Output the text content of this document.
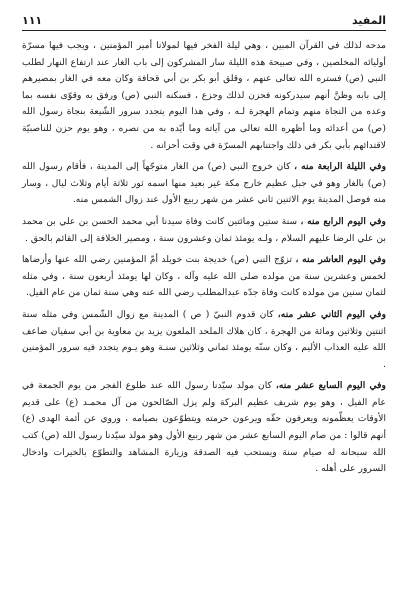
١١١	المفيد

مدحه لذلك في القرآن المبين ، وهي ليلة الفخر فيها لمولانا أمير المؤمنين ، ويجب فيها مسرّة أوليائه المخلصين ، وفي صبيحة هذه الليلة سار المشركون إلى باب الغار عند ارتفاع النهار لطلب النبي (ص) فستره الله تعالى عنهم ، وقلق أبو بكر بن أبي قحافة وكان معه في الغار بمصيرهم إلى بابه وظنَّ أنهم سيدركونه فحزن لذلك وجزع ، فسكنه النبي (ص) ورفق به وقوّى نفسه بما وعده من النجاة منهم وتمام الهجرة لـه ، وفي هذا اليوم يتجدد سرور الشّيعة بنجاة رسول الله (ص) من أعدائه وما أظهره الله تعالى من آياته وما أيّده به من نصره ، وهو يوم حزن للناصبيّة لاقتدائهم بأبي بكر في ذلك واجتنابهم المسرّة في وقت أحزانه .

وفي الليلة الرابعة منه ، كان خروج النبي (ص) من الغار متوجّهاً إلى المدينة ، فأقام رسول الله (ص) بالغار وهو في جبل عظيم خارج مكة غير بعيد منها اسمه ثور ثلاثة أيام وثلاث ليال ، وسار منه فوصل المدينة يوم الاثنين ثاني عشر من شهر ربيع الأول عند زوال الشمس منه.

وفي اليوم الرابع منه ، سنة ستين ومائتين كانت وفاة سيدنا أبي محمد الحسن بن علي بن محمد بن علي الرضا عليهم السلام ، ولـه يومئذ ثمان وعشرون سنة ، ومصير الخلافة إلى القائم بالحق .

وفي اليوم العاشر منه ، تزوّج النبي (ص) خديجة بنت خويلد أمّ المؤمنين رضي الله عنها وأرضاها لخمس وعشرين سنة من مولده صلى الله عليه وآله ، وكان لها يومئذ أربعون سنة ، وفي مثله لثمان سنين من مولده كانت وفاة جدّه عبدالمطلب رضي الله عنه وهي سنة ثمان من عام الفيل.

وفي اليوم الثاني عشر منه، كان قدوم النبيّ ( ص ) المدينة مع زوال الشّمس وفي مثله سنة اثنتين وثلاثين ومائة من الهجرة ، كان هلاك الملحد الملعون يزيد بن معاوية بن أبي سفيان ضاعف الله عليه العذاب الأليم ، وكان سنّه يومئذ ثماني وثلاثين سنـة وهو يـوم يتجدد فيه سرور المؤمنين .

وفي اليوم السابع عشر منه، كان مولد سيّدنا رسول الله عند طلوع الفجر من يوم الجمعة في عام الفيل ، وهو يوم شريف عظيم البركة ولم يزل الصّالحون من آل محمـد (ع) على قديم الأوقات يعظّمونه ويعرفون حقّه ويرعون حرمته ويتطوّعون بصيامه ، وروي عن أئمة الهدى (ع) أنهم قالوا : من صام اليوم السابع عشر من شهر ربيع الأول وهو مولد سيّدنا رسول الله (ص) كتب الله سبحانه له صيام سنة ويستحب فيه الصدقة وزيارة المشاهد والتطوّع بالخيرات وادخال السرور على أهله .
